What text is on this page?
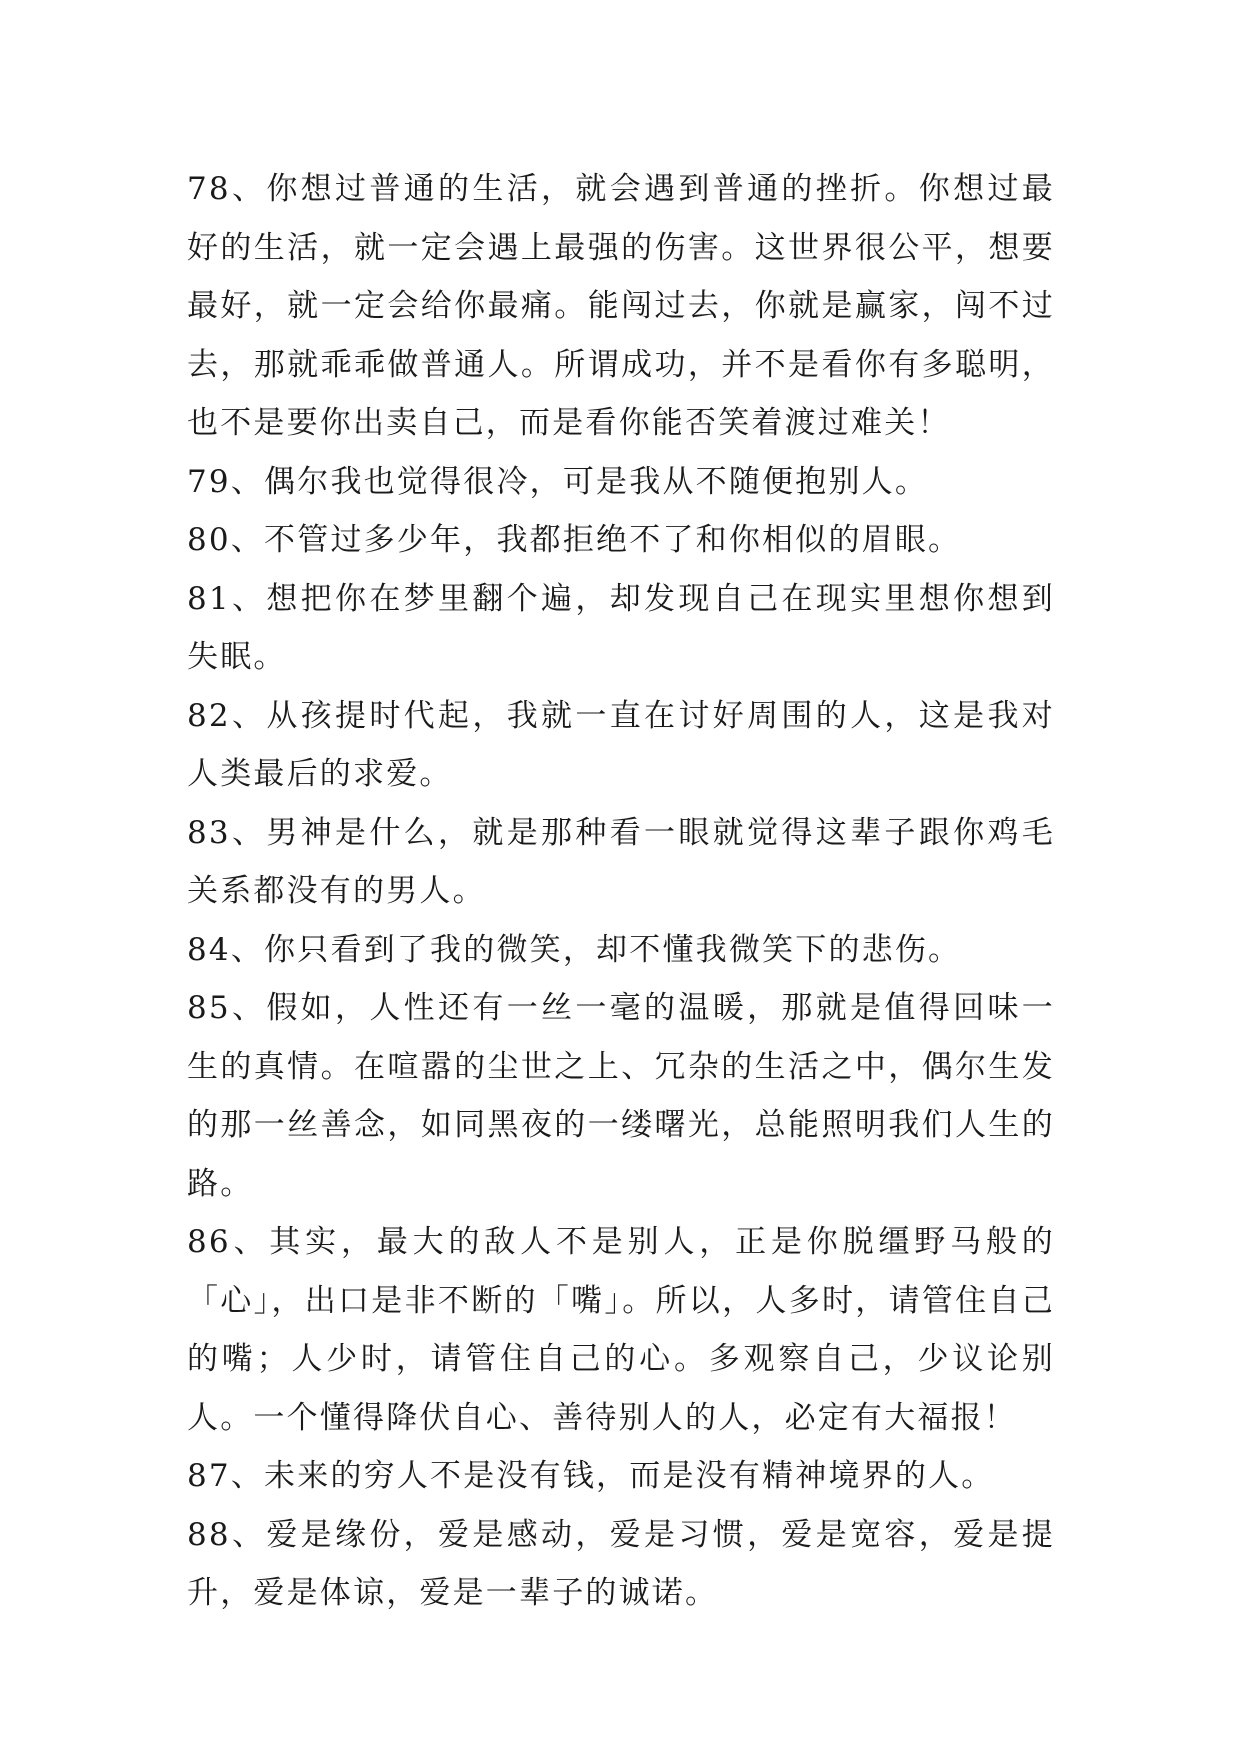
78、你想过普通的生活，就会遇到普通的挫折。你想过最好的生活，就一定会遇上最强的伤害。这世界很公平，想要最好，就一定会给你最痛。能闯过去，你就是赢家，闯不过去，那就乖乖做普通人。所谓成功，并不是看你有多聪明，也不是要你出卖自己，而是看你能否笑着渡过难关！

79、偶尔我也觉得很冷，可是我从不随便抱别人。

80、不管过多少年，我都拒绝不了和你相似的眉眼。

81、想把你在梦里翻个遍，却发现自己在现实里想你想到失眠。

82、从孩提时代起，我就一直在讨好周围的人，这是我对人类最后的求爱。

83、男神是什么，就是那种看一眼就觉得这辈子跟你鸡毛关系都没有的男人。

84、你只看到了我的微笑，却不懂我微笑下的悲伤。

85、假如，人性还有一丝一毫的温暖，那就是值得回味一生的真情。在喧嚣的尘世之上、冗杂的生活之中，偶尔生发的那一丝善念，如同黑夜的一缕曙光，总能照明我们人生的路。

86、其实，最大的敌人不是别人，正是你脱缰野马般的「心」，出口是非不断的「嘴」。所以，人多时，请管住自己的嘴；人少时，请管住自己的心。多观察自己，少议论别人。一个懂得降伏自心、善待别人的人，必定有大福报！

87、未来的穷人不是没有钱，而是没有精神境界的人。

88、爱是缘份，爱是感动，爱是习惯，爱是宽容，爱是提升，爱是体谅，爱是一辈子的诚诺。
